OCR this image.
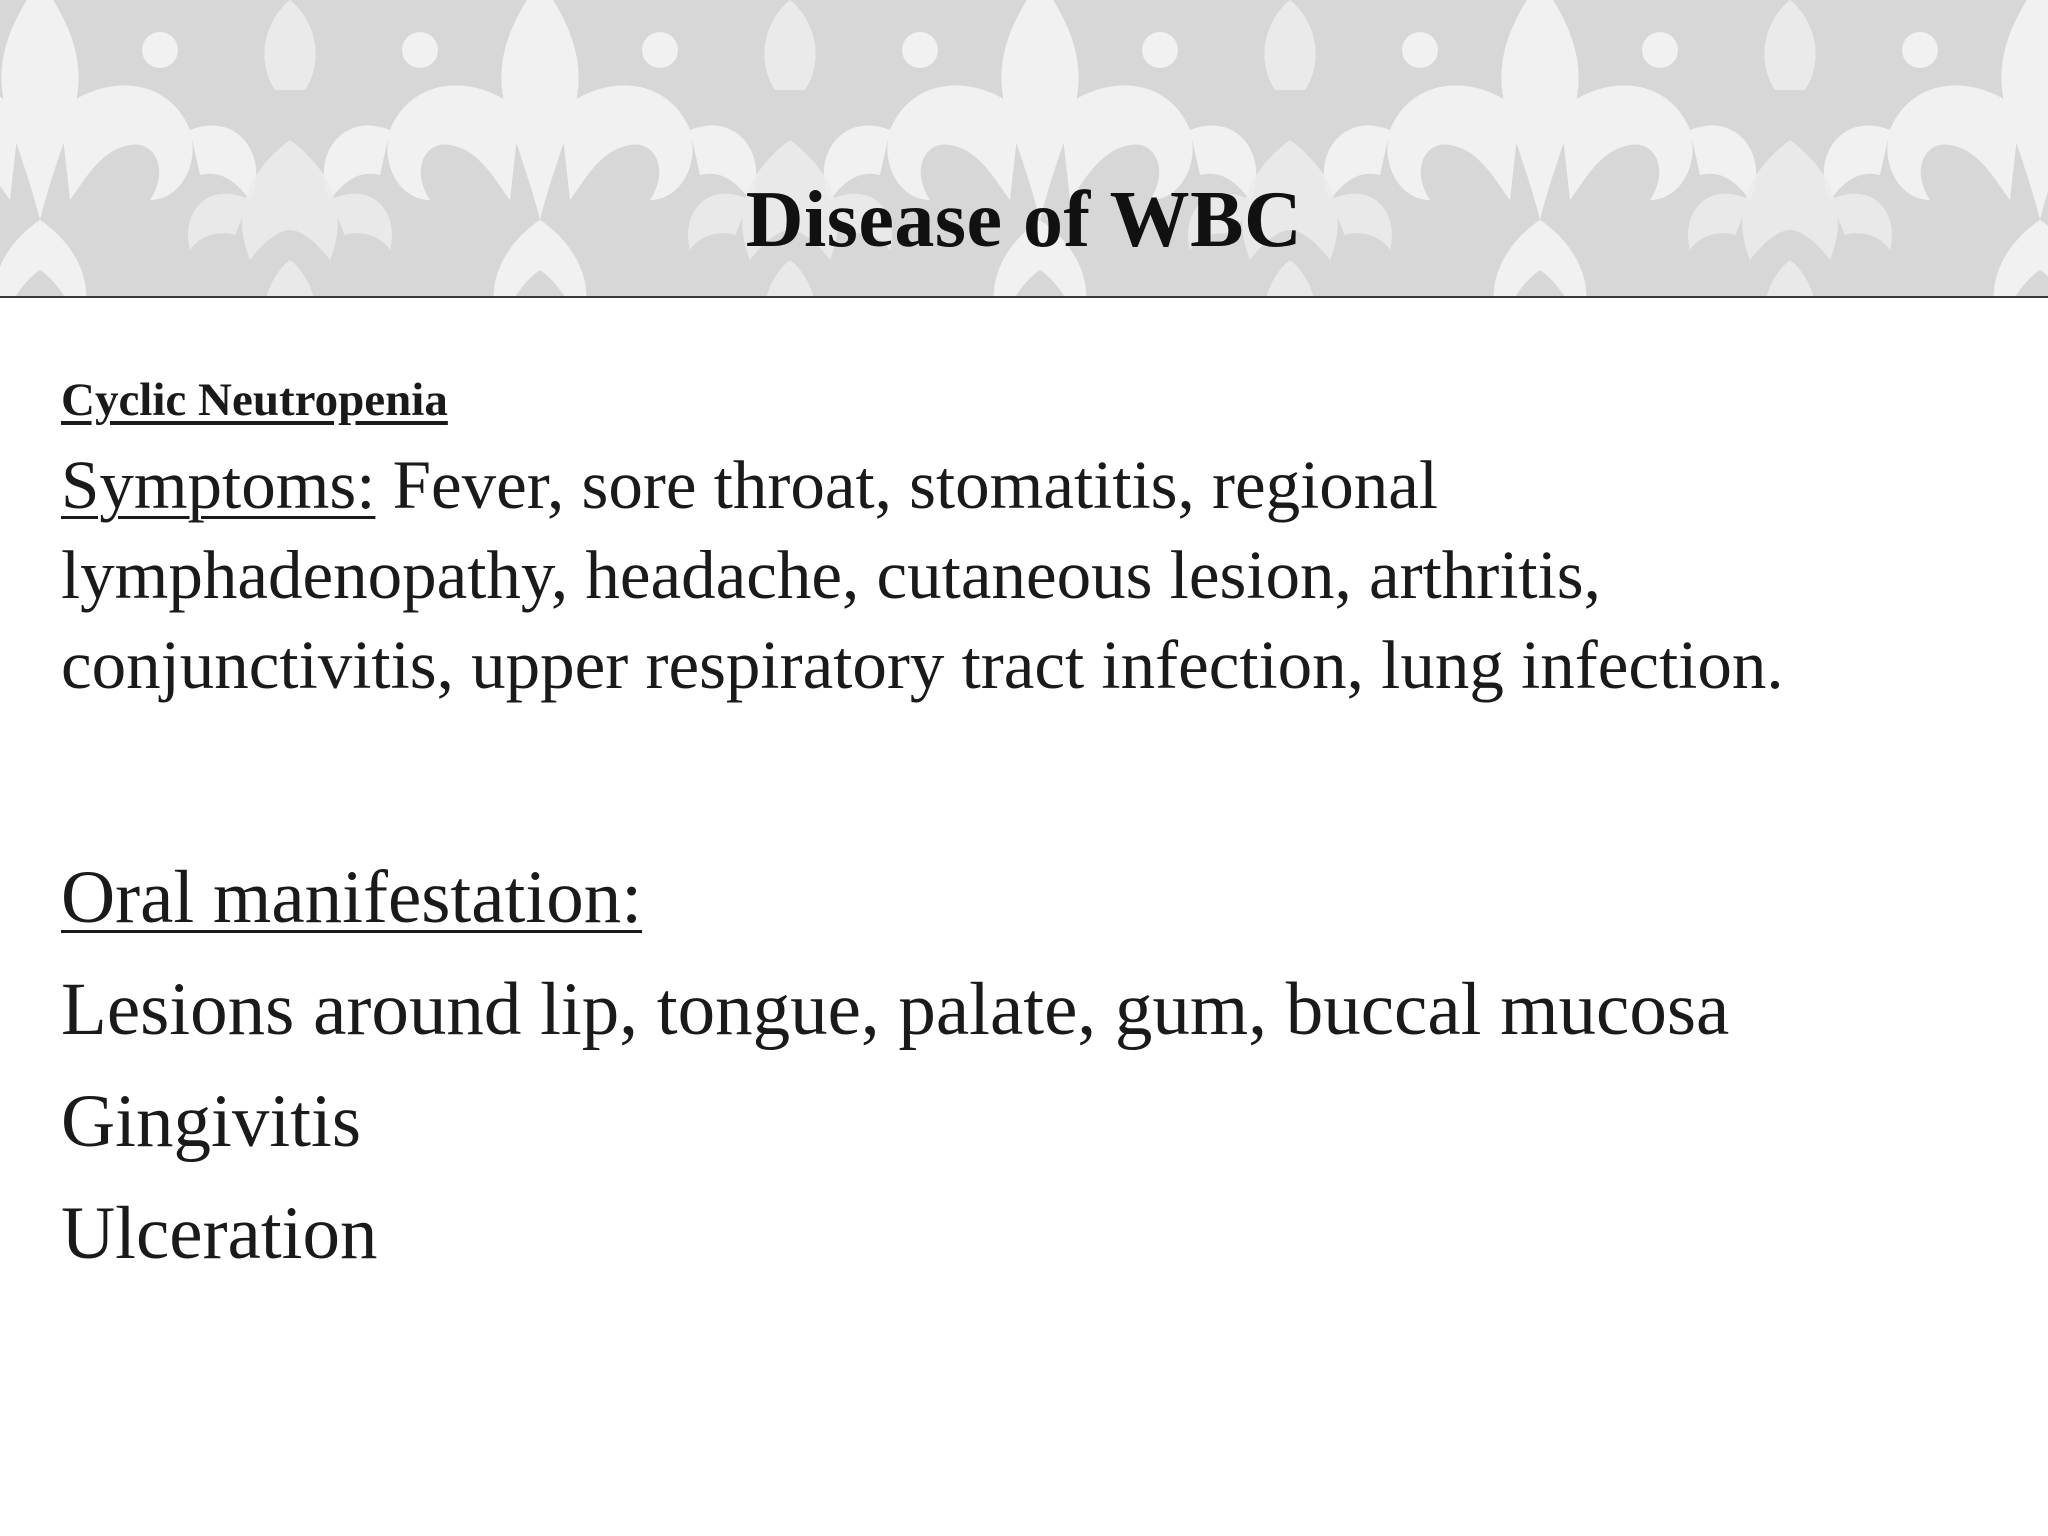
Disease of WBC

Cyclic Neutropenia

Symptoms: Fever, sore throat, stomatitis, regional lymphadenopathy, headache, cutaneous lesion, arthritis, conjunctivitis, upper respiratory tract infection, lung infection.

Oral manifestation:

Lesions around lip, tongue, palate, gum, buccal mucosa
Gingivitis
Ulceration
